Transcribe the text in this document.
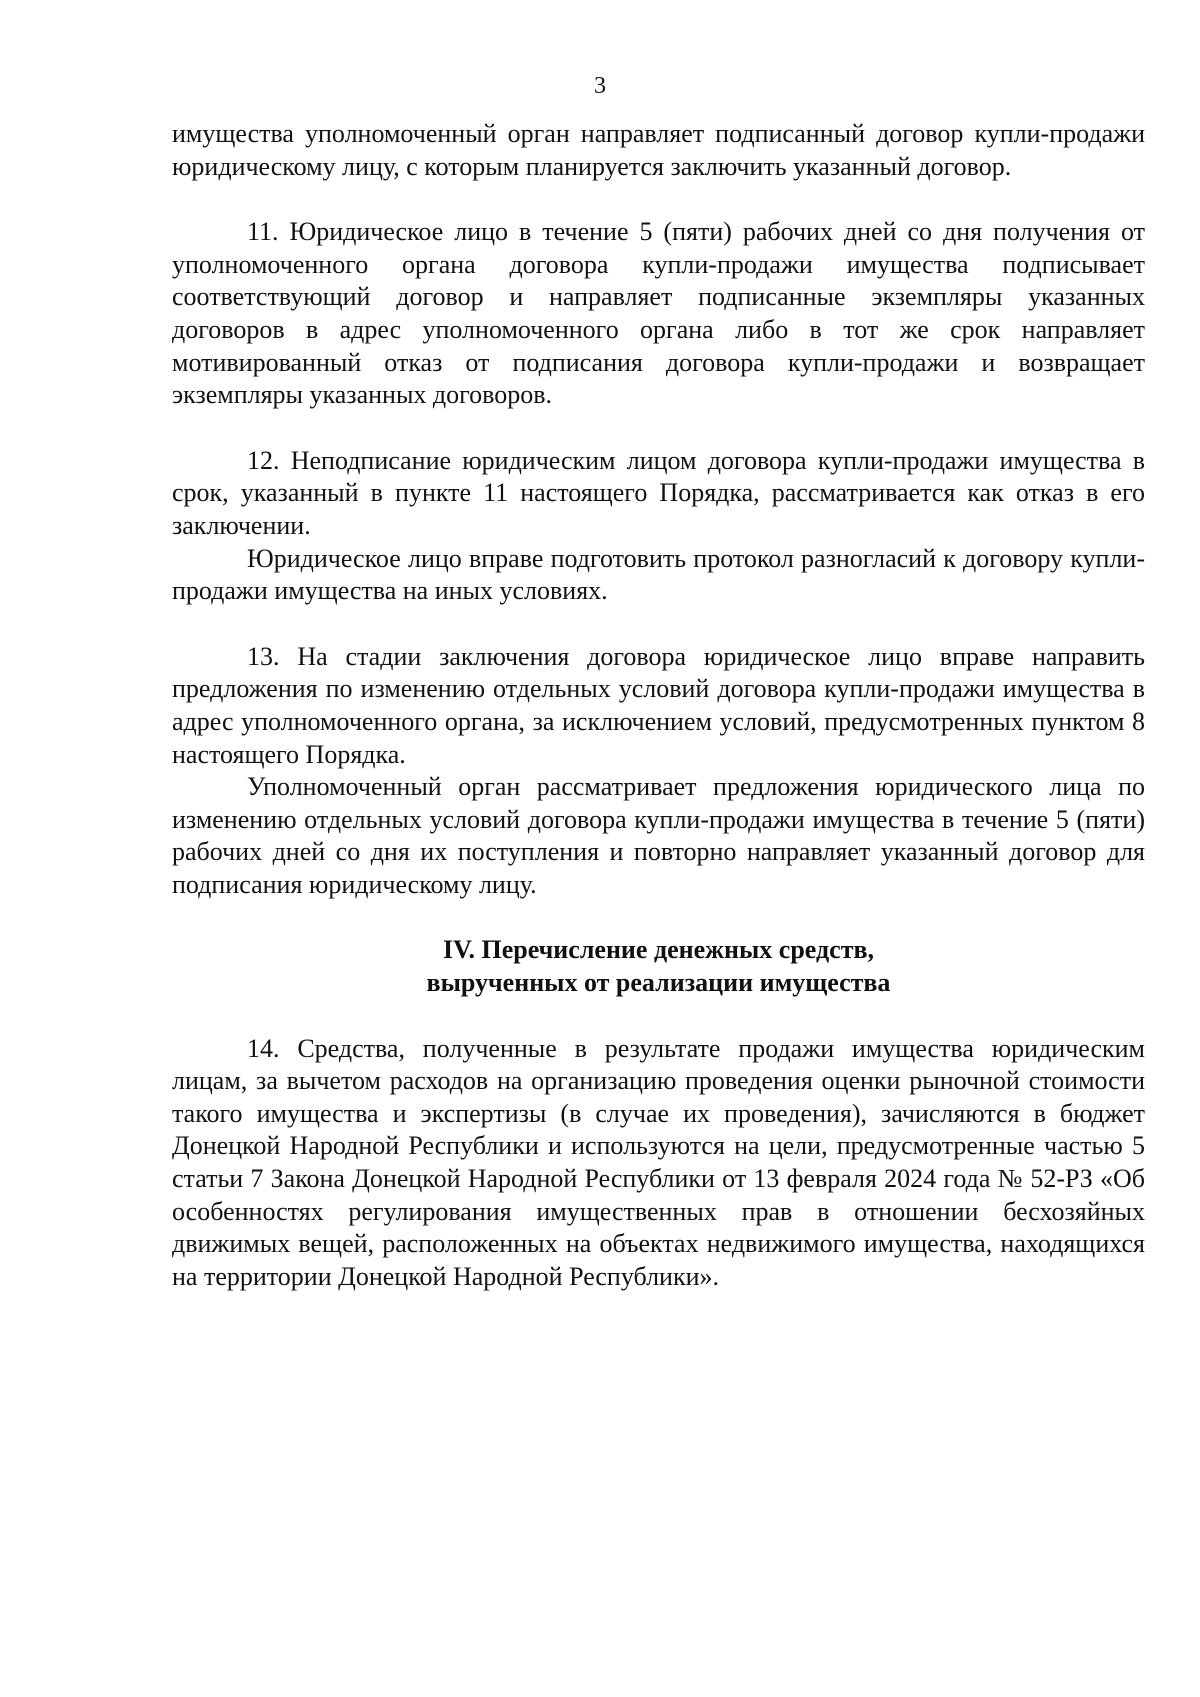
3

имущества уполномоченный орган направляет подписанный договор купли-продажи юридическому лицу, с которым планируется заключить указанный договор.

11. Юридическое лицо в течение 5 (пяти) рабочих дней со дня получения от уполномоченного органа договора купли-продажи имущества подписывает соответствующий договор и направляет подписанные экземпляры указанных договоров в адрес уполномоченного органа либо в тот же срок направляет мотивированный отказ от подписания договора купли-продажи и возвращает экземпляры указанных договоров.

12. Неподписание юридическим лицом договора купли-продажи имущества в срок, указанный в пункте 11 настоящего Порядка, рассматривается как отказ в его заключении.

Юридическое лицо вправе подготовить протокол разногласий к договору купли-продажи имущества на иных условиях.

13. На стадии заключения договора юридическое лицо вправе направить предложения по изменению отдельных условий договора купли-продажи имущества в адрес уполномоченного органа, за исключением условий, предусмотренных пунктом 8 настоящего Порядка.

Уполномоченный орган рассматривает предложения юридического лица по изменению отдельных условий договора купли-продажи имущества в течение 5 (пяти) рабочих дней со дня их поступления и повторно направляет указанный договор для подписания юридическому лицу.

IV. Перечисление денежных средств,
вырученных от реализации имущества

14. Средства, полученные в результате продажи имущества юридическим лицам, за вычетом расходов на организацию проведения оценки рыночной стоимости такого имущества и экспертизы (в случае их проведения), зачисляются в бюджет Донецкой Народной Республики и используются на цели, предусмотренные частью 5 статьи 7 Закона Донецкой Народной Республики от 13 февраля 2024 года № 52-РЗ «Об особенностях регулирования имущественных прав в отношении бесхозяйных движимых вещей, расположенных на объектах недвижимого имущества, находящихся на территории Донецкой Народной Республики».
